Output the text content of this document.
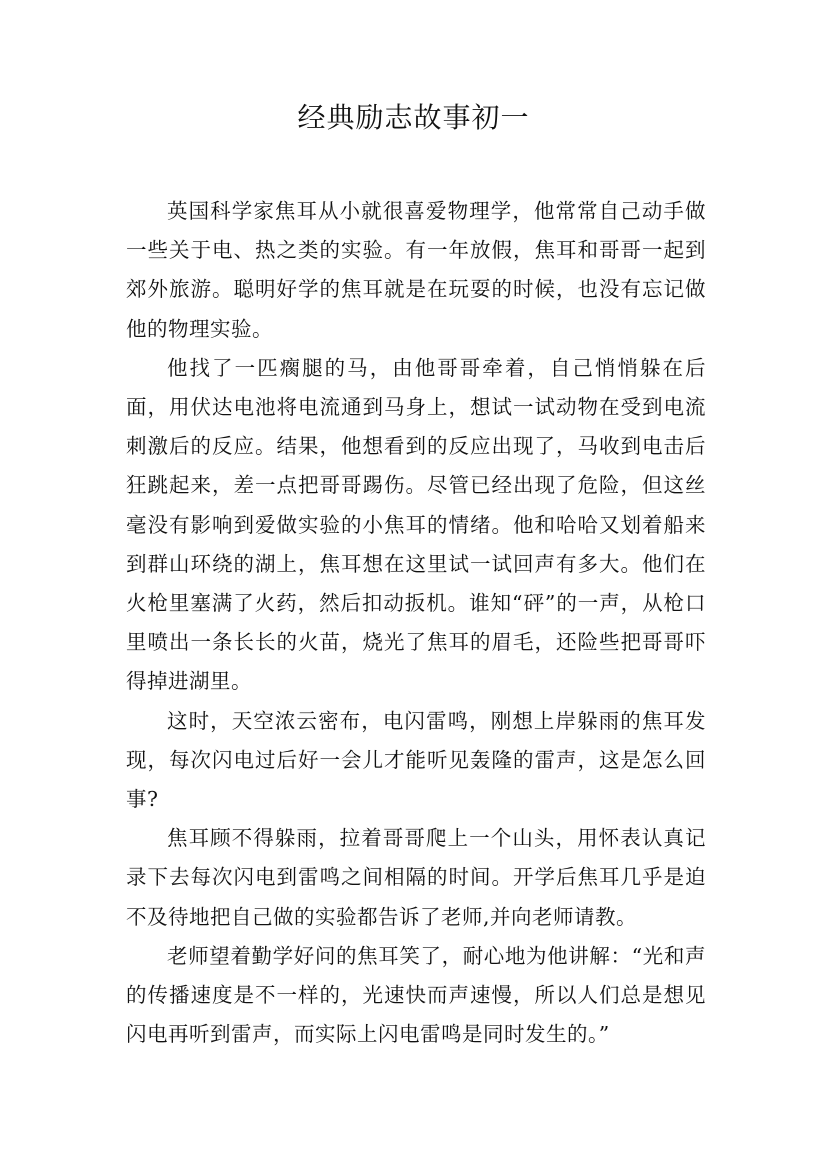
经典励志故事初一

英国科学家焦耳从小就很喜爱物理学，他常常自己动手做一些关于电、热之类的实验。有一年放假，焦耳和哥哥一起到郊外旅游。聪明好学的焦耳就是在玩耍的时候，也没有忘记做他的物理实验。

他找了一匹瘸腿的马，由他哥哥牵着，自己悄悄躲在后面，用伏达电池将电流通到马身上，想试一试动物在受到电流刺激后的反应。结果，他想看到的反应出现了，马收到电击后狂跳起来，差一点把哥哥踢伤。尽管已经出现了危险，但这丝毫没有影响到爱做实验的小焦耳的情绪。他和哈哈又划着船来到群山环绕的湖上，焦耳想在这里试一试回声有多大。他们在火枪里塞满了火药，然后扣动扳机。谁知“砰”的一声，从枪口里喷出一条长长的火苗，烧光了焦耳的眉毛，还险些把哥哥吓得掉进湖里。

这时，天空浓云密布，电闪雷鸣，刚想上岸躲雨的焦耳发现，每次闪电过后好一会儿才能听见轰隆的雷声，这是怎么回事?

焦耳顾不得躲雨，拉着哥哥爬上一个山头，用怀表认真记录下去每次闪电到雷鸣之间相隔的时间。开学后焦耳几乎是迫不及待地把自己做的实验都告诉了老师,并向老师请教。

老师望着勤学好问的焦耳笑了，耐心地为他讲解：“光和声的传播速度是不一样的，光速快而声速慢，所以人们总是想见闪电再听到雷声，而实际上闪电雷鸣是同时发生的。”
